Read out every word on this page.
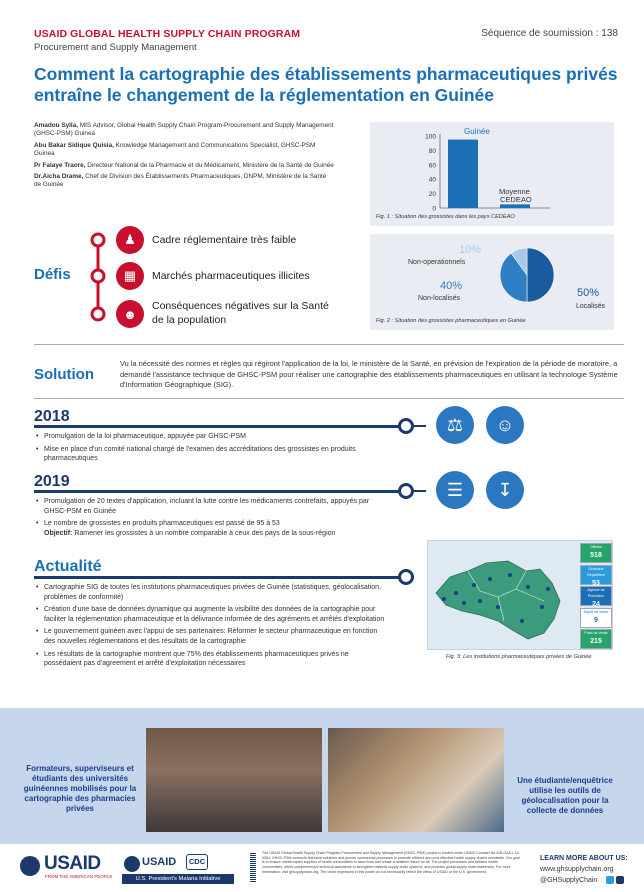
USAID GLOBAL HEALTH SUPPLY CHAIN PROGRAM
Procurement and Supply Management
Séquence de soumission : 138
Comment la cartographie des établissements pharmaceutiques privés entraîne le changement de la réglementation en Guinée

Amadou Sylla, MIS Advisor, Global Health Supply Chain Program-Procurement and Supply Management (GHSC-PSM) Guinea

Abu Bakar Sidique Quisia, Knowledge Management and Communications Specialist, GHSC-PSM Guinea

Pr Falaye Traore, Directeur National de la Pharmacie et du Médicament, Ministère de la Santé de Guinée

Dr.Aicha Drame, Chef de Division des Établissements Pharmaceutiques, DNPM, Ministère de la Santé de Guinée

0
20
40
60
80
100
Guinée
Moyenne
CEDEAO
Fig. 1 : Situation des grossistes dans les pays CEDEAO
10%
Non-operationnels
40%
Non-localisés	50%
Localisés
Fig. 2 : Situation des grossistes pharmaceutiques en Guinée
Défis
♟
▦
☻
Cadre réglementaire très faible
Marchés pharmaceutiques illicites
Conséquences négatives sur la Santé de la population
Solution
Vu la nécessité des normes et règles qui régiront l'application de la loi, le ministère de la Santé, en prévision de l'expiration de la période de moratoire, a demandé l'assistance technique de GHSC-PSM pour réaliser une cartographie des établissements pharmaceutiques en utilisant la technologie Système d'Information Géographique (SIG).
2018	⚖	☺
• Promulgation de la loi pharmaceutique, appuyée par GHSC-PSM
• Mise en place d'un comité national chargé de l'examen des accréditations des grossistes en produits pharmaceutiques
2019	☰	↧
• Promulgation de 20 textes d'application, incluant la lutte contre les médicaments contrefaits, appuyés par GHSC-PSM en Guinée
• Le nombre de grossistes en produits pharmaceutiques est passé de 95 à 53
Objectif: Ramener les grossistes à un nombre comparable à ceux des pays de la sous-région
Actualité
• Cartographie SIG de toutes les institutions pharmaceutiques privées de Guinée (statistiques, géolocalisation, problèmes de conformité)
• Création d'une base de données dynamique qui augmente la visibilité des données de la cartographie pour faciliter la réglementation pharmaceutique et la délivrance informée de des agréments et arrêtés d'exploitation
• Le gouvernement guinéen avec l'appui de ses partenaires: Réformer le secteur pharmaceutique en fonction des nouvelles réglementations et des résultats de la cartographie
• Les résultats de la cartographie montrent que 75% des établissements pharmaceutiques privés ne possédaient pas d'agreement et arrêté d'exploitation nécessaires
Officine
518
Grossiste Répartiteur
53
Agence de Promotion
24
Dépôt de Vente
9
Point de Vente
215
Fig. 3: Les institutions pharmaceutiques privées de Guinée
Formateurs, superviseurs et étudiants des universités guinéennes mobilisés pour la cartographie des pharmacies privées
Une étudiante/enquêtrice utilise les outils de géolocalisation pour la collecte de données
USAID
FROM THE AMERICAN PEOPLE
USAID	CDC
U.S. President's Malaria Initiative
The USAID Global Health Supply Chain Program-Procurement and Supply Management (GHSC-PSM) project is funded under USAID Contract No.AID-OAA-I-15-0004. GHSC-PSM connects technical solutions and proven commercial processes to promote efficient and cost-effective health supply chains worldwide. Our goal is to ensure uninterrupted supplies of health commodities to save lives and create a healthier future for all. The project purchases and delivers health commodities, offers comprehensive technical assistance to strengthen national supply chain systems, and provides global supply chain leadership. For more information, visit ghsupplychain.org. The views expressed in this poster do not necessarily reflect the views of USAID or the U.S. government.
LEARN MORE ABOUT US:
www.ghsupplychain.org
@GHSupplyChain
